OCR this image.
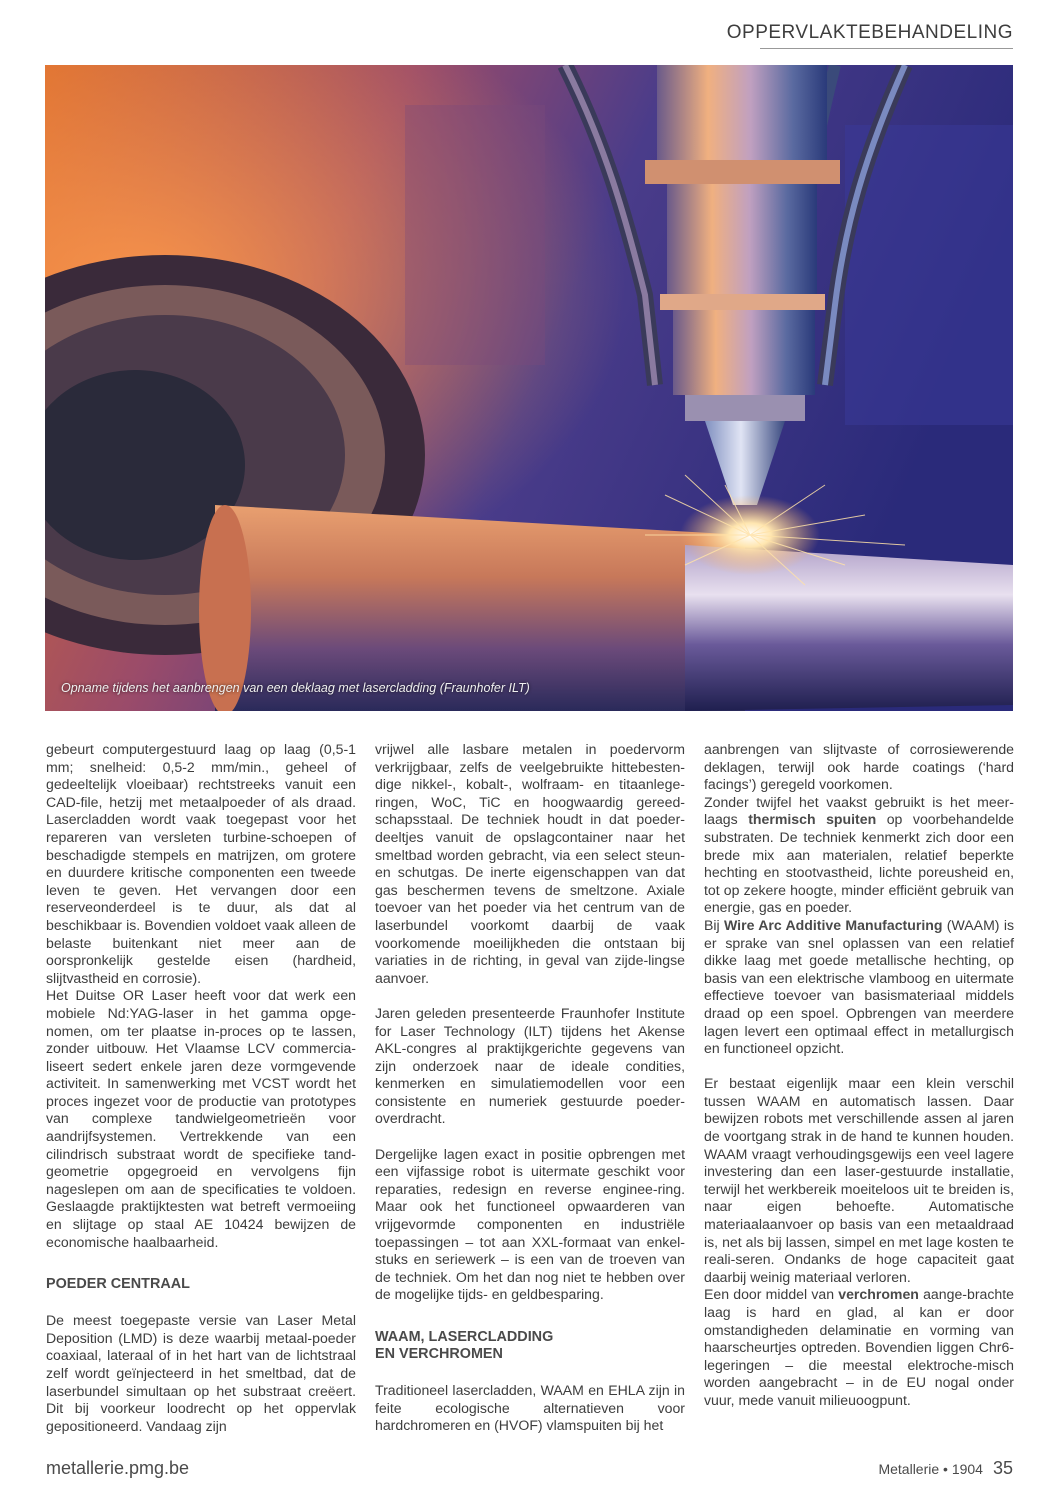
OPPERVLAKTEBEHANDELING
Opname tijdens het aanbrengen van een deklaag met lasercladding (Fraunhofer ILT)

gebeurt computergestuurd laag op laag (0,5-1 mm; snelheid: 0,5-2 mm/min., geheel of gedeeltelijk vloeibaar) rechtstreeks vanuit een CAD-file, hetzij met metaalpoeder of als draad. Lasercladden wordt vaak toegepast voor het repareren van versleten turbine-schoepen of beschadigde stempels en matrijzen, om grotere en duurdere kritische componenten een tweede leven te geven. Het vervangen door een reserveonderdeel is te duur, als dat al beschikbaar is. Bovendien voldoet vaak alleen de belaste buitenkant niet meer aan de oorspronkelijk gestelde eisen (hardheid, slijtvastheid en corrosie).

Het Duitse OR Laser heeft voor dat werk een mobiele Nd:YAG-laser in het gamma opge-nomen, om ter plaatse in-proces op te lassen, zonder uitbouw. Het Vlaamse LCV commercia-liseert sedert enkele jaren deze vormgevende activiteit. In samenwerking met VCST wordt het proces ingezet voor de productie van prototypes van complexe tandwielgeometrieën voor aandrijfsystemen. Vertrekkende van een cilindrisch substraat wordt de specifieke tand-geometrie opgegroeid en vervolgens fijn nageslepen om aan de specificaties te voldoen. Geslaagde praktijktesten wat betreft vermoeiing en slijtage op staal AE 10424 bewijzen de economische haalbaarheid.

POEDER CENTRAAL

De meest toegepaste versie van Laser Metal Deposition (LMD) is deze waarbij metaal-poeder coaxiaal, lateraal of in het hart van de lichtstraal zelf wordt geïnjecteerd in het smeltbad, dat de laserbundel simultaan op het substraat creëert. Dit bij voorkeur loodrecht op het oppervlak gepositioneerd. Vandaag zijn

vrijwel alle lasbare metalen in poedervorm verkrijgbaar, zelfs de veelgebruikte hittebesten-dige nikkel-, kobalt-, wolfraam- en titaanlege-ringen, WoC, TiC en hoogwaardig gereed-schapsstaal. De techniek houdt in dat poeder-deeltjes vanuit de opslagcontainer naar het smeltbad worden gebracht, via een select steun- en schutgas. De inerte eigenschappen van dat gas beschermen tevens de smeltzone. Axiale toevoer van het poeder via het centrum van de laserbundel voorkomt daarbij de vaak voorkomende moeilijkheden die ontstaan bij variaties in de richting, in geval van zijde-lingse aanvoer.

Jaren geleden presenteerde Fraunhofer Institute for Laser Technology (ILT) tijdens het Akense AKL-congres al praktijkgerichte gegevens van zijn onderzoek naar de ideale condities, kenmerken en simulatiemodellen voor een consistente en numeriek gestuurde poeder-overdracht.

Dergelijke lagen exact in positie opbrengen met een vijfassige robot is uitermate geschikt voor reparaties, redesign en reverse enginee-ring. Maar ook het functioneel opwaarderen van vrijgevormde componenten en industriële toepassingen – tot aan XXL-formaat van enkel-stuks en seriewerk – is een van de troeven van de techniek. Om het dan nog niet te hebben over de mogelijke tijds- en geldbesparing.

WAAM, LASERCLADDING
EN VERCHROMEN

Traditioneel lasercladden, WAAM en EHLA zijn in feite ecologische alternatieven voor hardchromeren en (HVOF) vlamspuiten bij het

aanbrengen van slijtvaste of corrosiewerende deklagen, terwijl ook harde coatings (‘hard facings’) geregeld voorkomen.

Zonder twijfel het vaakst gebruikt is het meer-laags thermisch spuiten op voorbehandelde substraten. De techniek kenmerkt zich door een brede mix aan materialen, relatief beperkte hechting en stootvastheid, lichte poreusheid en, tot op zekere hoogte, minder efficiënt gebruik van energie, gas en poeder.

Bij Wire Arc Additive Manufacturing (WAAM) is er sprake van snel oplassen van een relatief dikke laag met goede metallische hechting, op basis van een elektrische vlamboog en uitermate effectieve toevoer van basismateriaal middels draad op een spoel. Opbrengen van meerdere lagen levert een optimaal effect in metallurgisch en functioneel opzicht.

Er bestaat eigenlijk maar een klein verschil tussen WAAM en automatisch lassen. Daar bewijzen robots met verschillende assen al jaren de voortgang strak in de hand te kunnen houden. WAAM vraagt verhoudingsgewijs een veel lagere investering dan een laser-gestuurde installatie, terwijl het werkbereik moeiteloos uit te breiden is, naar eigen behoefte. Automatische materiaalaanvoer op basis van een metaaldraad is, net als bij lassen, simpel en met lage kosten te reali-seren. Ondanks de hoge capaciteit gaat daarbij weinig materiaal verloren.

Een door middel van verchromen aange-brachte laag is hard en glad, al kan er door omstandigheden delaminatie en vorming van haarscheurtjes optreden. Bovendien liggen Chr6-legeringen – die meestal elektroche-misch worden aangebracht – in de EU nogal onder vuur, mede vanuit milieuoogpunt.

metallerie.pmg.be	Metallerie • 1904 35
